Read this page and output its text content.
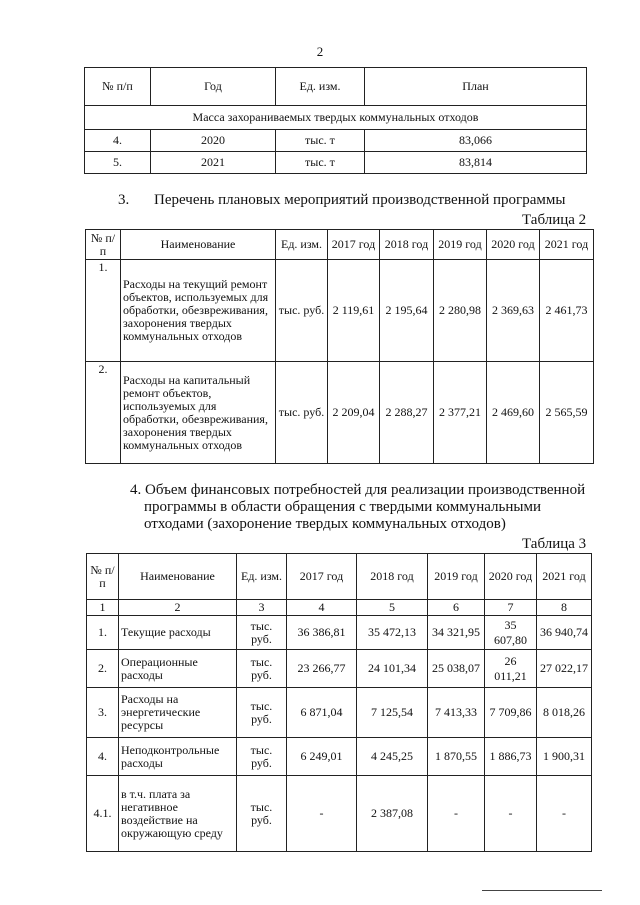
2
№ п/п	Год	Ед. изм.	План
Масса захораниваемых твердых коммунальных отходов			
4.	2020	тыс. т	83,066
5.	2021	тыс. т	83,814
3. Перечень плановых мероприятий производственной программы
Таблица 2
№ п/п	Наименование	Ед. изм.	2017 год	2018 год	2019 год	2020 год	2021 год
1.	Расходы на текущий ремонт объектов, используемых для обработки, обезвреживания, захоронения твердых коммунальных отходов	тыс. руб.	2 119,61	2 195,64	2 280,98	2 369,63	2 461,73
2.	Расходы на капитальный ремонт объектов, используемых для обработки, обезвреживания, захоронения твердых коммунальных отходов	тыс. руб.	2 209,04	2 288,27	2 377,21	2 469,60	2 565,59
4. Объем финансовых потребностей для реализации производственной
программы в области обращения с твердыми коммунальными
отходами (захоронение твердых коммунальных отходов)
Таблица 3
№ п/п	Наименование	Ед. изм.	2017 год	2018 год	2019 год	2020 год	2021 год
1	2	3	4	5	6	7	8
1.	Текущие расходы	тыс. руб.	36 386,81	35 472,13	34 321,95	35 607,80	36 940,74
2.	Операционные расходы	тыс. руб.	23 266,77	24 101,34	25 038,07	26 011,21	27 022,17
3.	Расходы на энергетические ресурсы	тыс. руб.	6 871,04	7 125,54	7 413,33	7 709,86	8 018,26
4.	Неподконтрольные расходы	тыс. руб.	6 249,01	4 245,25	1 870,55	1 886,73	1 900,31
4.1.	в т.ч. плата за негативное воздействие на окружающую среду	тыс. руб.	-	2 387,08	-	-	-
